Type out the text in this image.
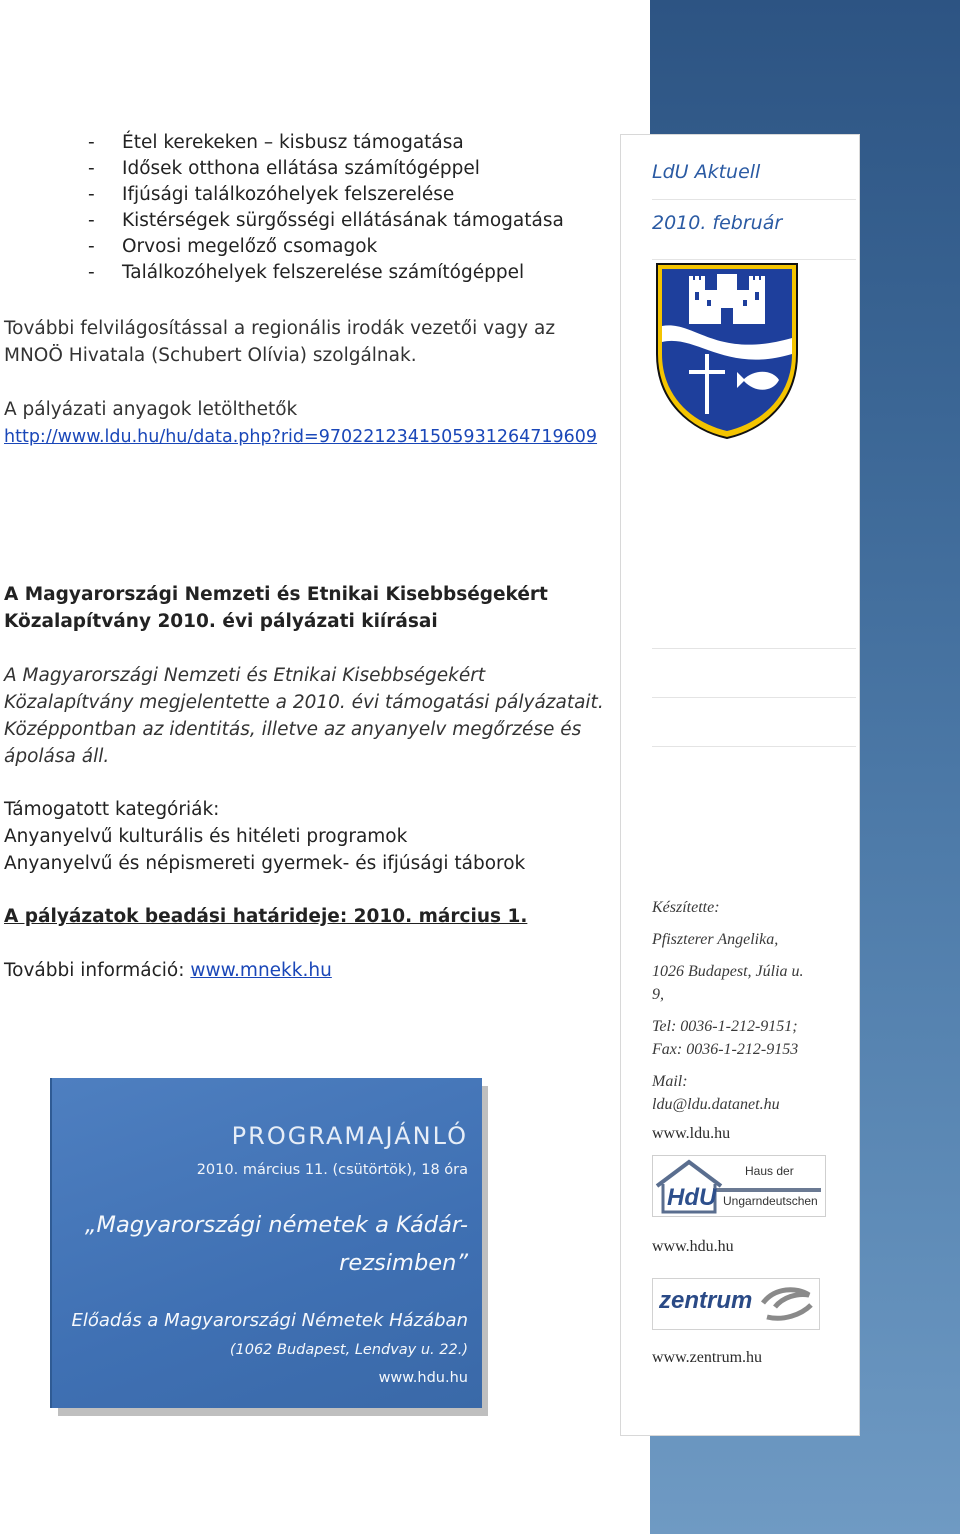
- Étel kerekeken – kisbusz támogatása
- Idősek otthona ellátása számítógéppel
- Ifjúsági találkozóhelyek felszerelése
- Kistérségek sürgősségi ellátásának támogatása
- Orvosi megelőző csomagok
- Találkozóhelyek felszerelése számítógéppel

További felvilágosítással a regionális irodák vezetői vagy az

MNOÖ Hivatala (Schubert Olívia) szolgálnak.

A pályázati anyagok letölthetők

http://www.ldu.hu/hu/data.php?rid=9702212341505931264719609

A Magyarországi Nemzeti és Etnikai Kisebbségekért

Közalapítvány 2010. évi pályázati kiírásai

A Magyarországi Nemzeti és Etnikai Kisebbségekért

Közalapítvány megjelentette a 2010. évi támogatási pályázatait.

Középpontban az identitás, illetve az anyanyelv megőrzése és

ápolása áll.

Támogatott kategóriák:

Anyanyelvű kulturális és hitéleti programok

Anyanyelvű és népismereti gyermek- és ifjúsági táborok

A pályázatok beadási határideje: 2010. március 1.

További információ: www.mnekk.hu

PROGRAMAJÁNLÓ
2010. március 11. (csütörtök), 18 óra
„Magyarországi németek a Kádár-
rezsimben”
Előadás a Magyarországi Németek Házában
(1062 Budapest, Lendvay u. 22.)
www.hdu.hu
LdU Aktuell
2010. február
Készítette:
Pfiszterer Angelika,
1026 Budapest, Júlia u.
9,
Tel: 0036-1-212-9151;
Fax: 0036-1-212-9153
Mail:
ldu@ldu.datanet.hu
www.ldu.hu
HdU
Haus der
Ungarndeutschen
www.hdu.hu
zentrum
www.zentrum.hu
